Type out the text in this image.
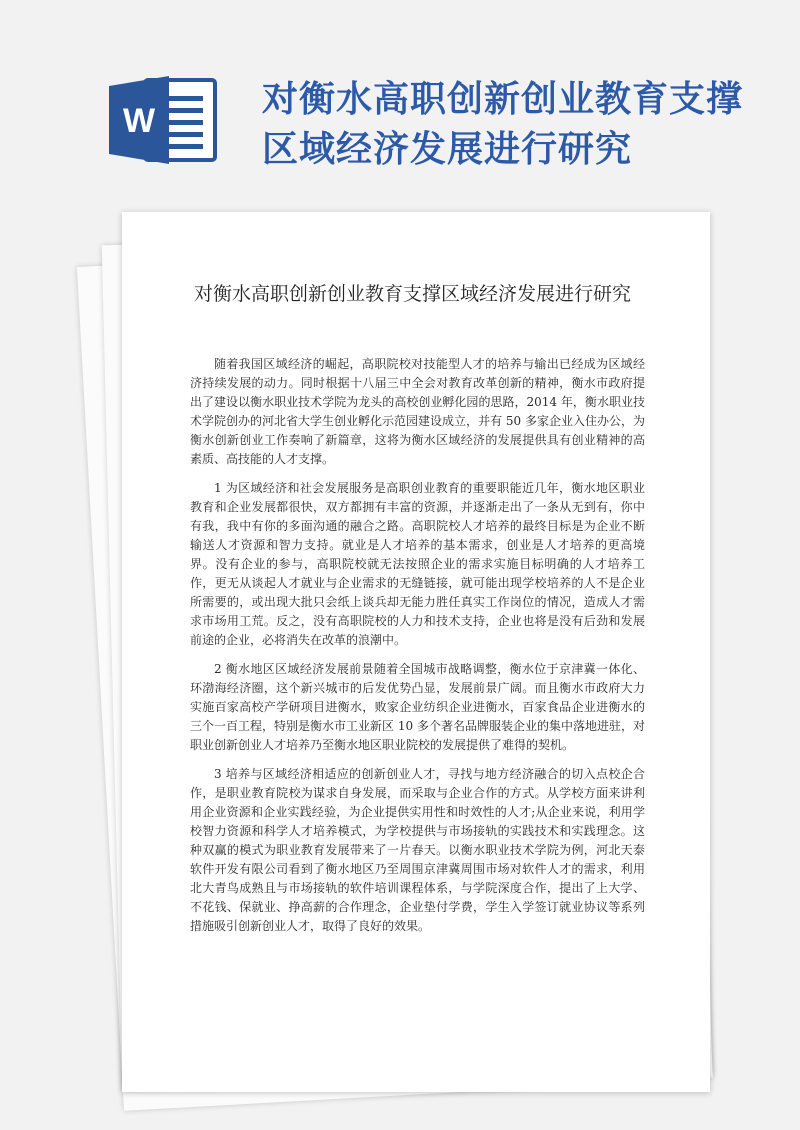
W
对衡水高职创新创业教育支撑
区域经济发展进行研究
对衡水高职创新创业教育支撑区域经济发展进行研究

随着我国区域经济的崛起，高职院校对技能型人才的培养与输出已经成为区域经济持续发展的动力。同时根据十八届三中全会对教育改革创新的精神，衡水市政府提出了建设以衡水职业技术学院为龙头的高校创业孵化园的思路，2014 年，衡水职业技术学院创办的河北省大学生创业孵化示范园建设成立，并有 50 多家企业入住办公，为衡水创新创业工作奏响了新篇章，这将为衡水区域经济的发展提供具有创业精神的高素质、高技能的人才支撑。

1 为区域经济和社会发展服务是高职创业教育的重要职能近几年，衡水地区职业教育和企业发展都很快，双方都拥有丰富的资源，并逐渐走出了一条从无到有，你中有我，我中有你的多面沟通的融合之路。高职院校人才培养的最终目标是为企业不断输送人才资源和智力支持。就业是人才培养的基本需求，创业是人才培养的更高境界。没有企业的参与，高职院校就无法按照企业的需求实施目标明确的人才培养工作，更无从谈起人才就业与企业需求的无缝链接，就可能出现学校培养的人不是企业所需要的，或出现大批只会纸上谈兵却无能力胜任真实工作岗位的情况，造成人才需求市场用工荒。反之，没有高职院校的人力和技术支持，企业也将是没有后劲和发展前途的企业，必将消失在改革的浪潮中。

2 衡水地区区域经济发展前景随着全国城市战略调整，衡水位于京津冀一体化、环渤海经济圈，这个新兴城市的后发优势凸显，发展前景广阔。而且衡水市政府大力实施百家高校产学研项目进衡水，败家企业纺织企业进衡水，百家食品企业进衡水的三个一百工程，特别是衡水市工业新区 10 多个著名品牌服装企业的集中落地进驻，对职业创新创业人才培养乃至衡水地区职业院校的发展提供了难得的契机。

3 培养与区域经济相适应的创新创业人才，寻找与地方经济融合的切入点校企合作，是职业教育院校为谋求自身发展，而采取与企业合作的方式。从学校方面来讲利用企业资源和企业实践经验，为企业提供实用性和时效性的人才;从企业来说，利用学校智力资源和科学人才培养模式，为学校提供与市场接轨的实践技术和实践理念。这种双赢的模式为职业教育发展带来了一片春天。以衡水职业技术学院为例，河北天泰软件开发有限公司看到了衡水地区乃至周围京津冀周围市场对软件人才的需求，利用北大青鸟成熟且与市场接轨的软件培训课程体系，与学院深度合作，提出了上大学、不花钱、保就业、挣高薪的合作理念，企业垫付学费，学生入学签订就业协议等系列措施吸引创新创业人才，取得了良好的效果。
